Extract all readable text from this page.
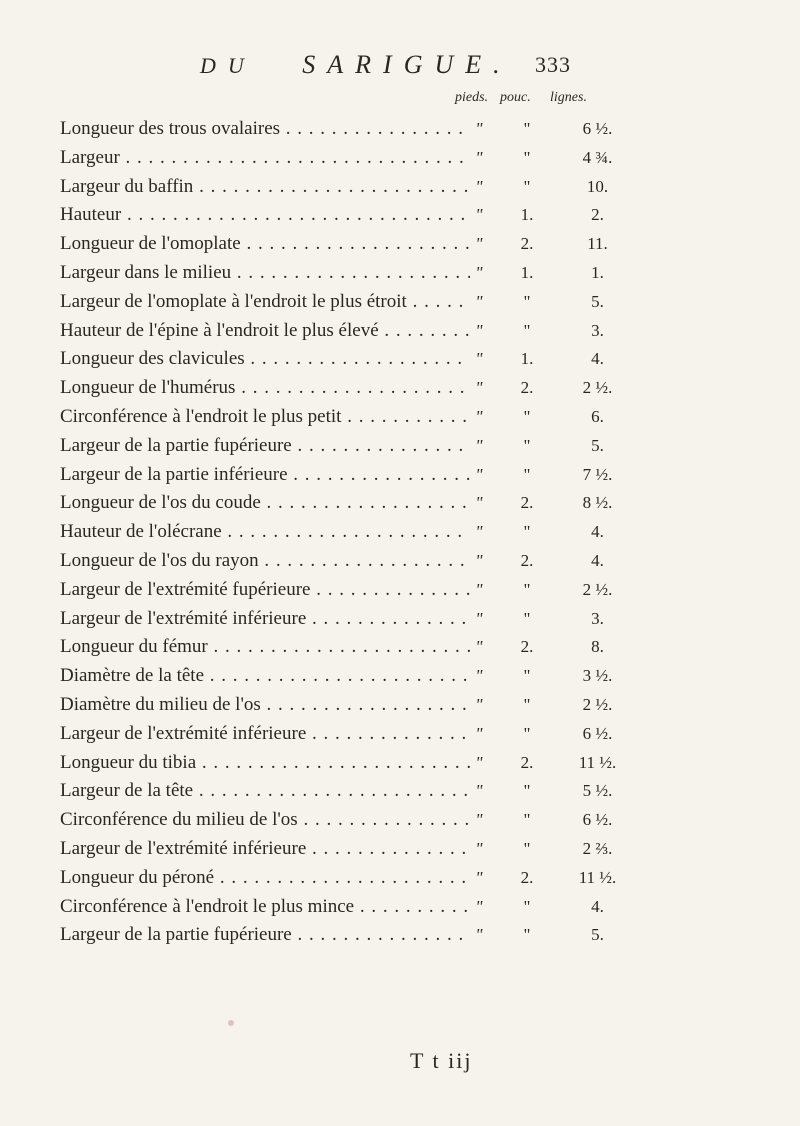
DU SARIGUE. 333
pieds. pouc. lignes.
Longueur des trous ovalaires . . .	"	"	6 ½.
Largeur . . .	"	"	4 ¾.
Largeur du baffin . . .	"	"	10.
Hauteur . . .	"	1.	2.
Longueur de l'omoplate . . .	"	2.	11.
Largeur dans le milieu . . .	"	1.	1.
Largeur de l'omoplate à l'endroit le plus étroit . . .	"	"	5.
Hauteur de l'épine à l'endroit le plus élevé . . .	"	"	3.
Longueur des clavicules . . .	"	1.	4.
Longueur de l'humérus . . .	"	2.	2 ½.
Circonférence à l'endroit le plus petit . . .	"	"	6.
Largeur de la partie fupérieure . . .	"	"	5.
Largeur de la partie inférieure . . .	"	"	7 ½.
Longueur de l'os du coude . . .	"	2.	8 ½.
Hauteur de l'olécrane . . .	"	"	4.
Longueur de l'os du rayon . . .	"	2.	4.
Largeur de l'extrémité fupérieure . . .	"	"	2 ½.
Largeur de l'extrémité inférieure . . .	"	"	3.
Longueur du fémur . . .	"	2.	8.
Diamètre de la tête . . .	"	"	3 ½.
Diamètre du milieu de l'os . . .	"	"	2 ½.
Largeur de l'extrémité inférieure . . .	"	"	6 ½.
Longueur du tibia . . .	"	2.	11 ½.
Largeur de la tête . . .	"	"	5 ½.
Circonférence du milieu de l'os . . .	"	"	6 ½.
Largeur de l'extrémité inférieure . . .	"	"	2 ⅔.
Longueur du péroné . . .	"	2.	11 ½.
Circonférence à l'endroit le plus mince . . .	"	"	4.
Largeur de la partie fupérieure . . .	"	"	5.
T t iij
